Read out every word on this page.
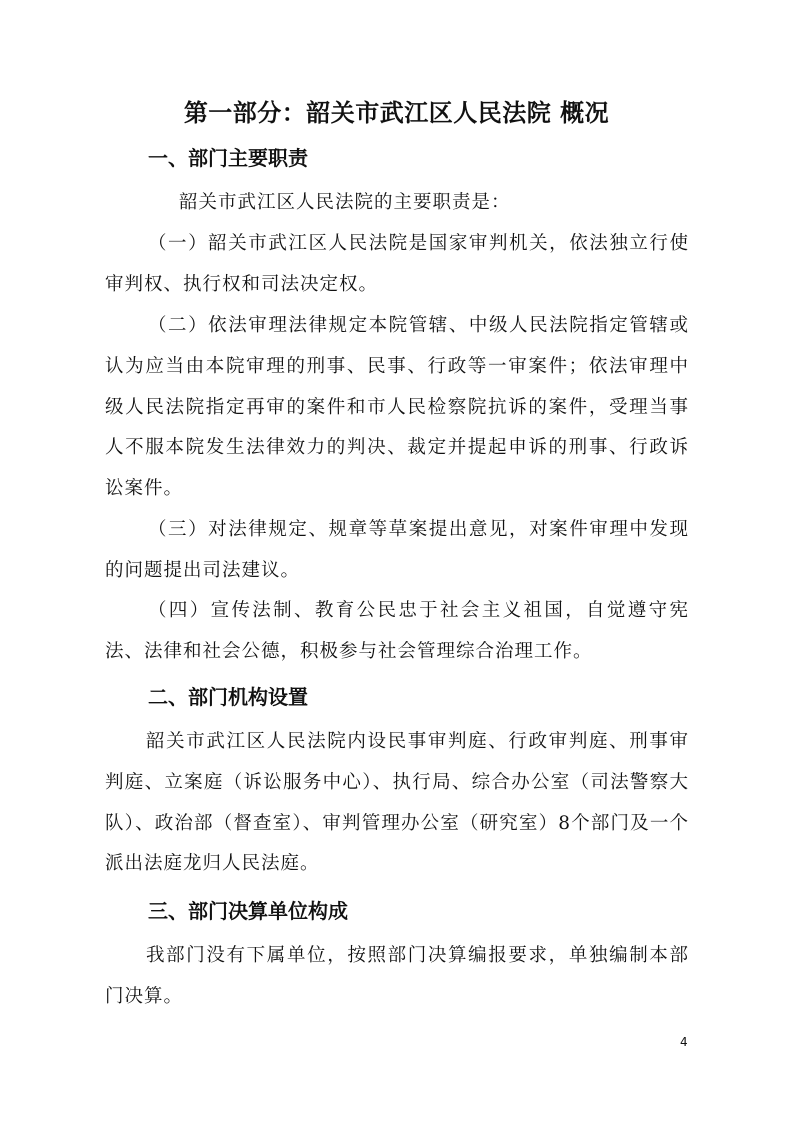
第一部分：韶关市武江区人民法院 概况
一、部门主要职责
韶关市武江区人民法院的主要职责是：
（一）韶关市武江区人民法院是国家审判机关，依法独立行使审判权、执行权和司法决定权。
（二）依法审理法律规定本院管辖、中级人民法院指定管辖或认为应当由本院审理的刑事、民事、行政等一审案件；依法审理中级人民法院指定再审的案件和市人民检察院抗诉的案件，受理当事人不服本院发生法律效力的判决、裁定并提起申诉的刑事、行政诉讼案件。
（三）对法律规定、规章等草案提出意见，对案件审理中发现的问题提出司法建议。
（四）宣传法制、教育公民忠于社会主义祖国，自觉遵守宪法、法律和社会公德，积极参与社会管理综合治理工作。
二、部门机构设置
韶关市武江区人民法院内设民事审判庭、行政审判庭、刑事审判庭、立案庭（诉讼服务中心）、执行局、综合办公室（司法警察大队）、政治部（督查室）、审判管理办公室（研究室）8个部门及一个派出法庭龙归人民法庭。
三、部门决算单位构成
我部门没有下属单位，按照部门决算编报要求，单独编制本部门决算。
4
